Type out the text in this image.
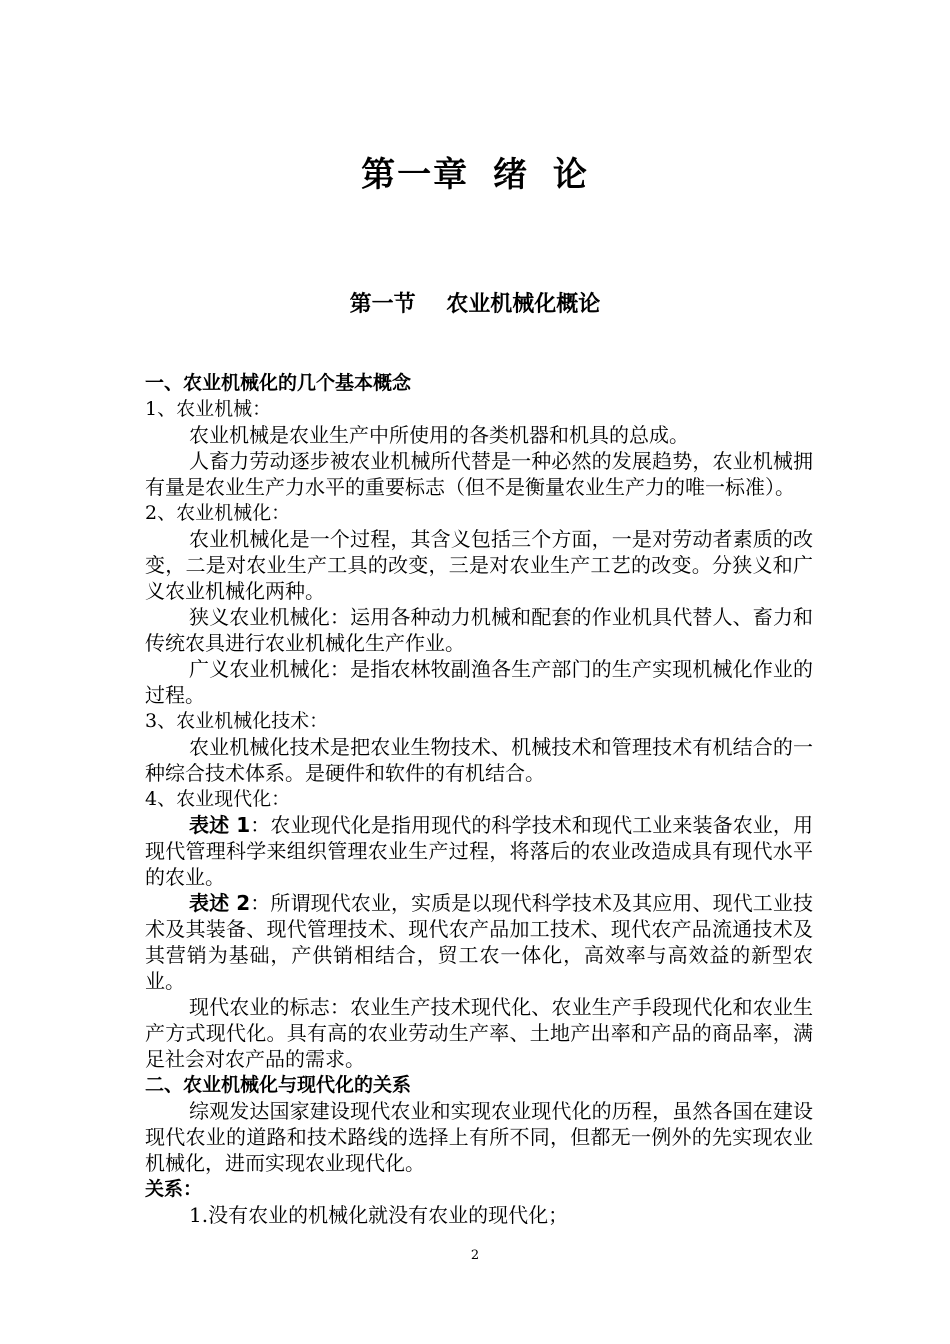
第一章 绪 论
第一节    农业机械化概论

一、农业机械化的几个基本概念

1、农业机械：

农业机械是农业生产中所使用的各类机器和机具的总成。

人畜力劳动逐步被农业机械所代替是一种必然的发展趋势，农业机械拥有量是农业生产力水平的重要标志（但不是衡量农业生产力的唯一标准）。

2、农业机械化：

农业机械化是一个过程，其含义包括三个方面，一是对劳动者素质的改变，二是对农业生产工具的改变，三是对农业生产工艺的改变。分狭义和广义农业机械化两种。

狭义农业机械化：运用各种动力机械和配套的作业机具代替人、畜力和传统农具进行农业机械化生产作业。

广义农业机械化：是指农林牧副渔各生产部门的生产实现机械化作业的过程。

3、农业机械化技术：

农业机械化技术是把农业生物技术、机械技术和管理技术有机结合的一种综合技术体系。是硬件和软件的有机结合。

4、农业现代化：

表述 1：农业现代化是指用现代的科学技术和现代工业来装备农业，用现代管理科学来组织管理农业生产过程，将落后的农业改造成具有现代水平的农业。

表述 2：所谓现代农业，实质是以现代科学技术及其应用、现代工业技术及其装备、现代管理技术、现代农产品加工技术、现代农产品流通技术及其营销为基础，产供销相结合，贸工农一体化，高效率与高效益的新型农业。

现代农业的标志：农业生产技术现代化、农业生产手段现代化和农业生产方式现代化。具有高的农业劳动生产率、土地产出率和产品的商品率，满足社会对农产品的需求。

二、农业机械化与现代化的关系

综观发达国家建设现代农业和实现农业现代化的历程，虽然各国在建设现代农业的道路和技术路线的选择上有所不同，但都无一例外的先实现农业机械化，进而实现农业现代化。

关系：

1.没有农业的机械化就没有农业的现代化；

2
